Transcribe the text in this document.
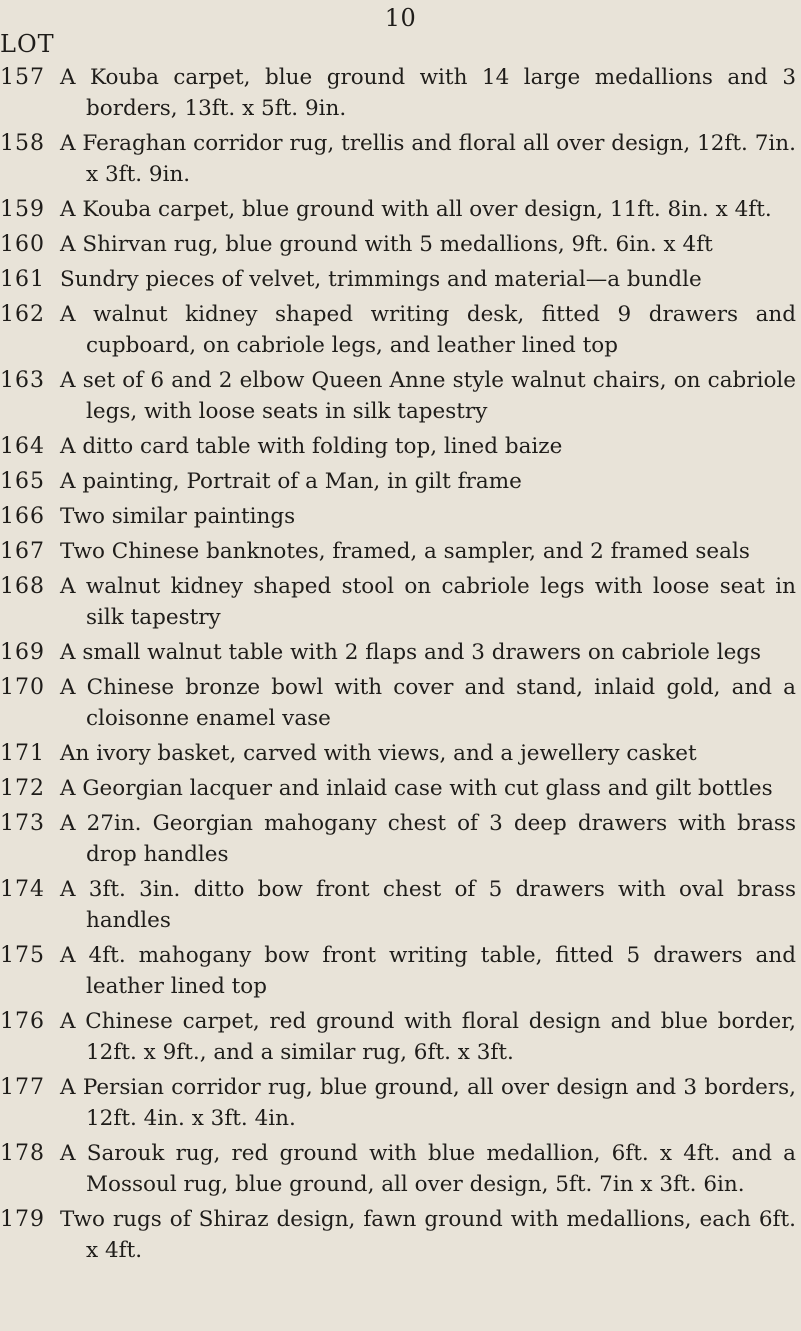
10
LOT
157 A Kouba carpet, blue ground with 14 large medallions and 3 borders, 13ft. x 5ft. 9in.
158 A Feraghan corridor rug, trellis and floral all over design, 12ft. 7in. x 3ft. 9in.
159 A Kouba carpet, blue ground with all over design, 11ft. 8in. x 4ft.
160 A Shirvan rug, blue ground with 5 medallions, 9ft. 6in. x 4ft
161 Sundry pieces of velvet, trimmings and material—a bundle
162 A walnut kidney shaped writing desk, fitted 9 drawers and cupboard, on cabriole legs, and leather lined top
163 A set of 6 and 2 elbow Queen Anne style walnut chairs, on cabriole legs, with loose seats in silk tapestry
164 A ditto card table with folding top, lined baize
165 A painting, Portrait of a Man, in gilt frame
166 Two similar paintings
167 Two Chinese banknotes, framed, a sampler, and 2 framed seals
168 A walnut kidney shaped stool on cabriole legs with loose seat in silk tapestry
169 A small walnut table with 2 flaps and 3 drawers on cabriole legs
170 A Chinese bronze bowl with cover and stand, inlaid gold, and a cloisonne enamel vase
171 An ivory basket, carved with views, and a jewellery casket
172 A Georgian lacquer and inlaid case with cut glass and gilt bottles
173 A 27in. Georgian mahogany chest of 3 deep drawers with brass drop handles
174 A 3ft. 3in. ditto bow front chest of 5 drawers with oval brass handles
175 A 4ft. mahogany bow front writing table, fitted 5 drawers and leather lined top
176 A Chinese carpet, red ground with floral design and blue border, 12ft. x 9ft., and a similar rug, 6ft. x 3ft.
177 A Persian corridor rug, blue ground, all over design and 3 borders, 12ft. 4in. x 3ft. 4in.
178 A Sarouk rug, red ground with blue medallion, 6ft. x 4ft. and a Mossoul rug, blue ground, all over design, 5ft. 7in x 3ft. 6in.
179 Two rugs of Shiraz design, fawn ground with medallions, each 6ft. x 4ft.
